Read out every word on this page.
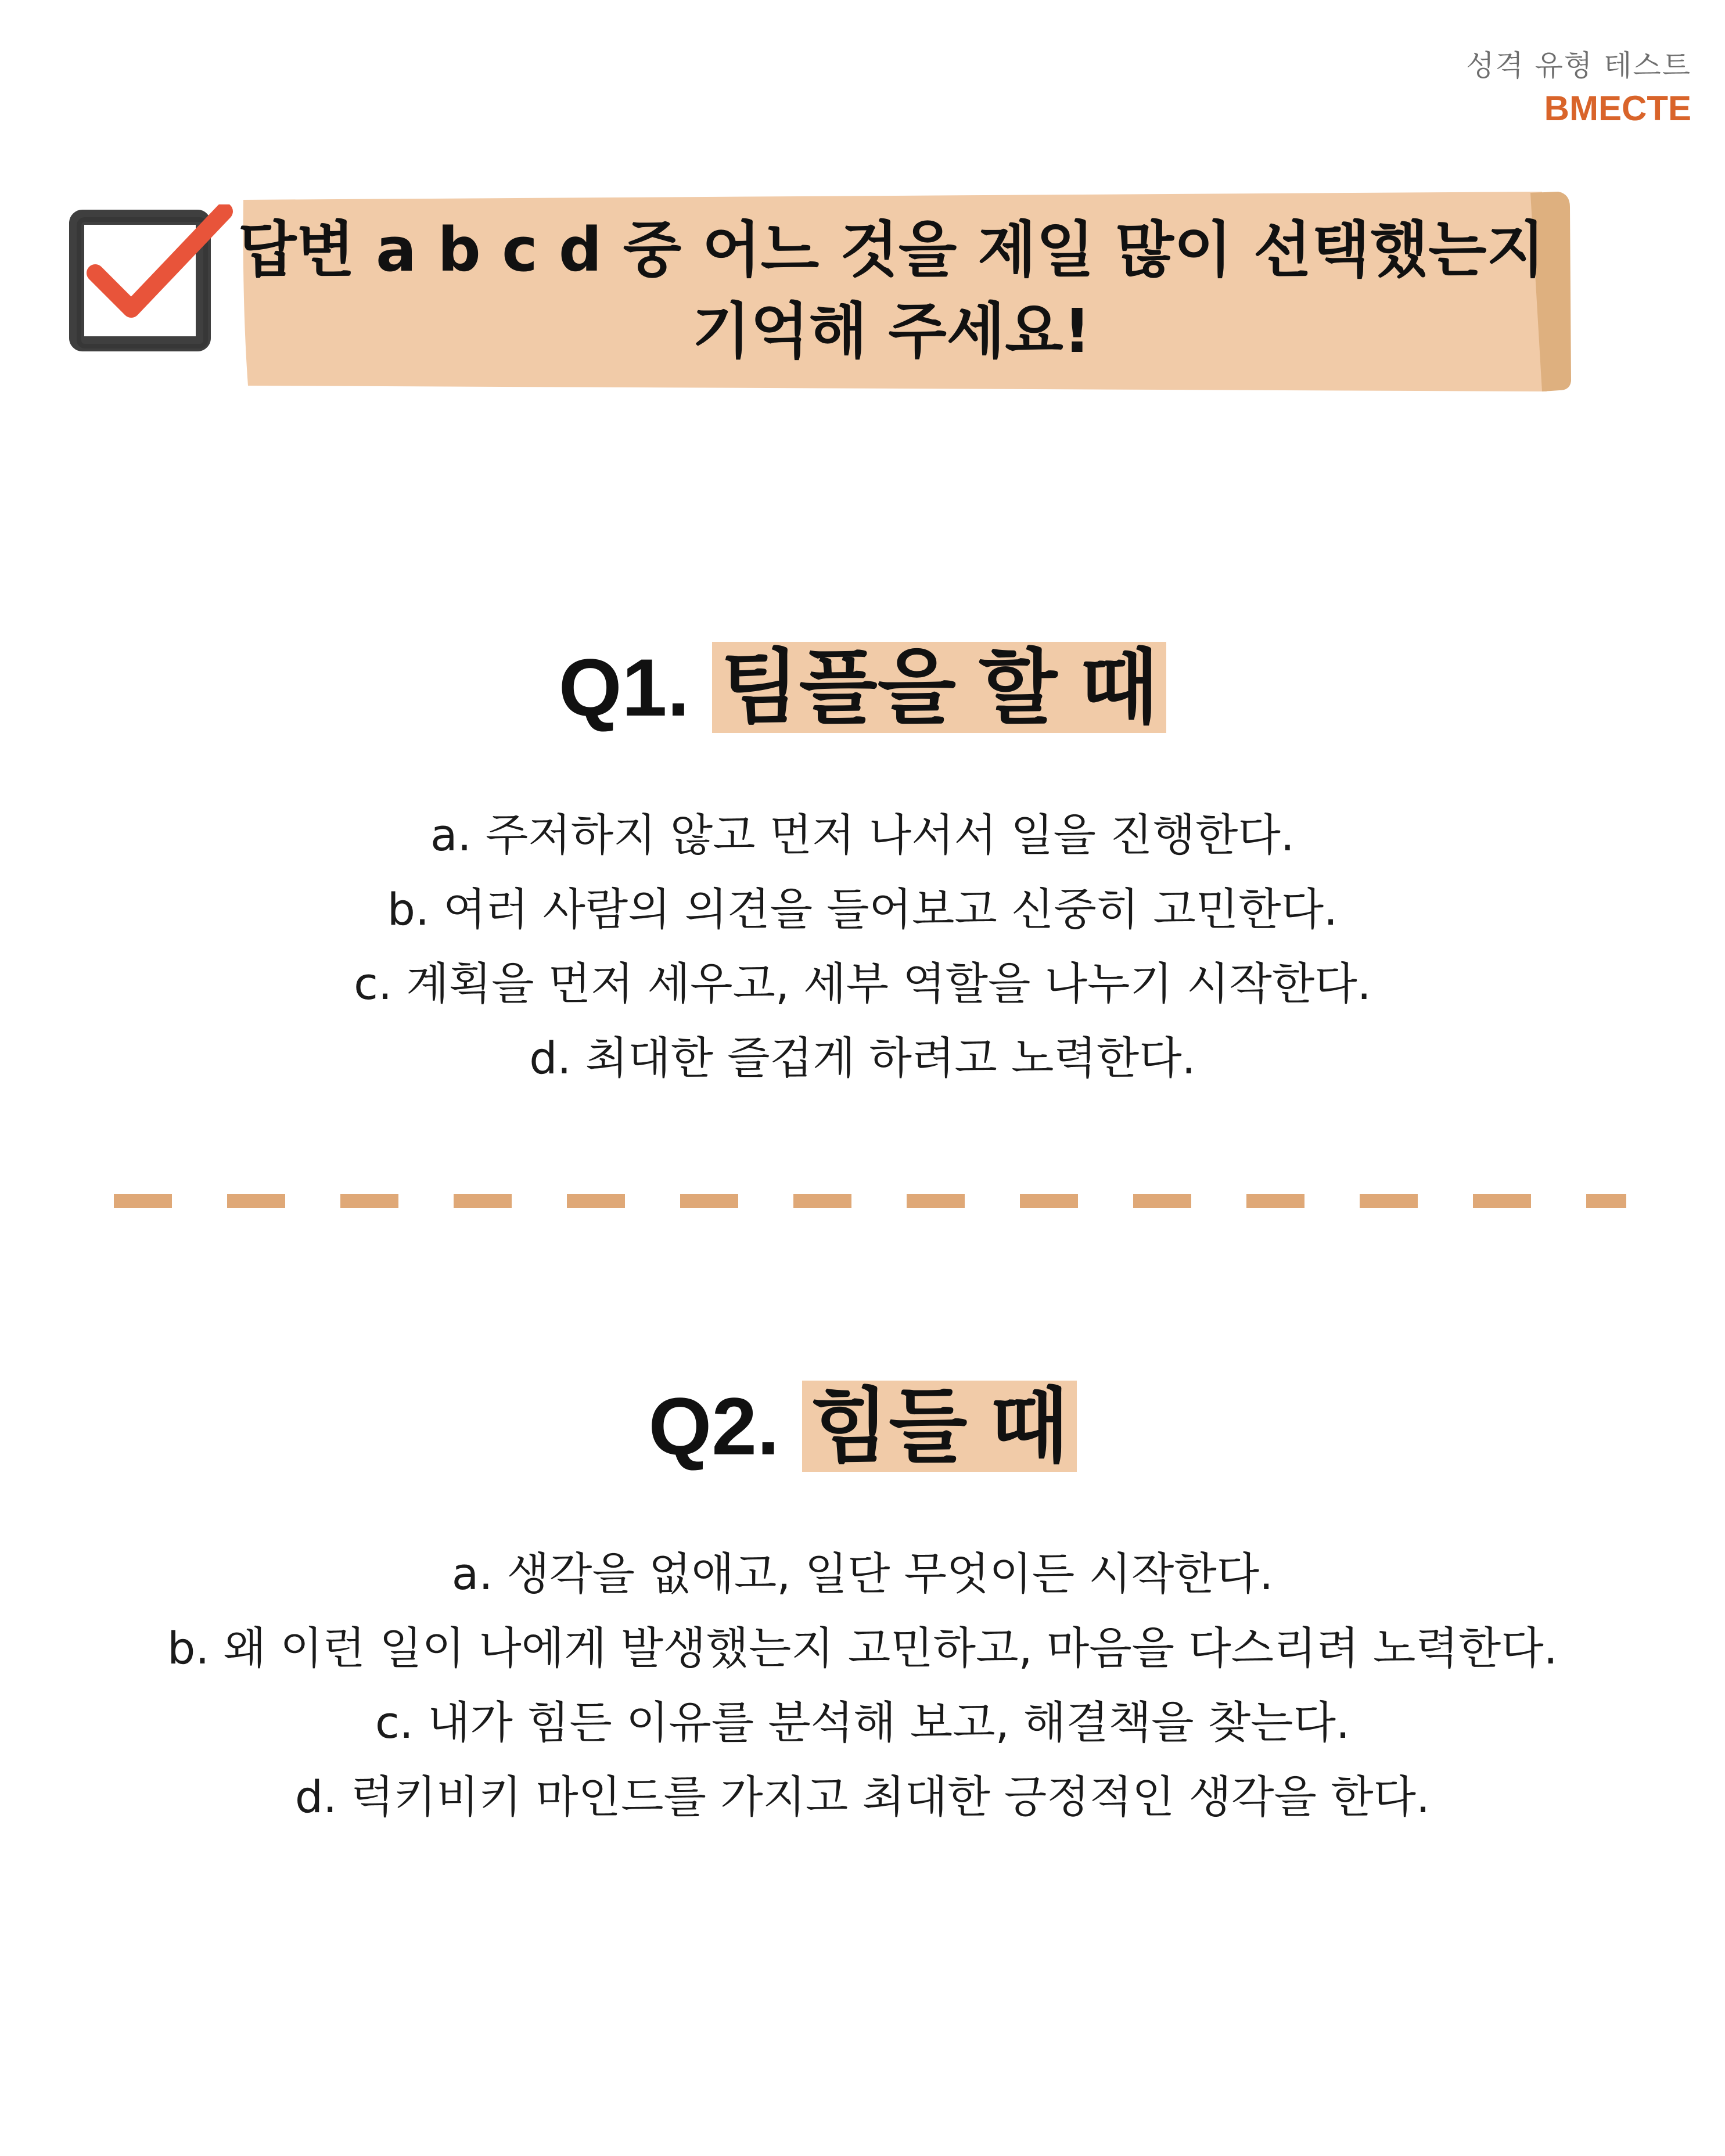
성격 유형 테스트
BMECTE
답변 a b c d 중 어느 것을 제일 많이 선택했는지
기억해 주세요!
Q1. 팀플을 할 때
a. 주저하지 않고 먼저 나서서 일을 진행한다.
b. 여러 사람의 의견을 들어보고 신중히 고민한다.
c. 계획을 먼저 세우고, 세부 역할을 나누기 시작한다.
d. 최대한 즐겁게 하려고 노력한다.
Q2. 힘들 때
a. 생각을 없애고, 일단 무엇이든 시작한다.
b. 왜 이런 일이 나에게 발생했는지 고민하고, 마음을 다스리려 노력한다.
c. 내가 힘든 이유를 분석해 보고, 해결책을 찾는다.
d. 럭키비키 마인드를 가지고 최대한 긍정적인 생각을 한다.
